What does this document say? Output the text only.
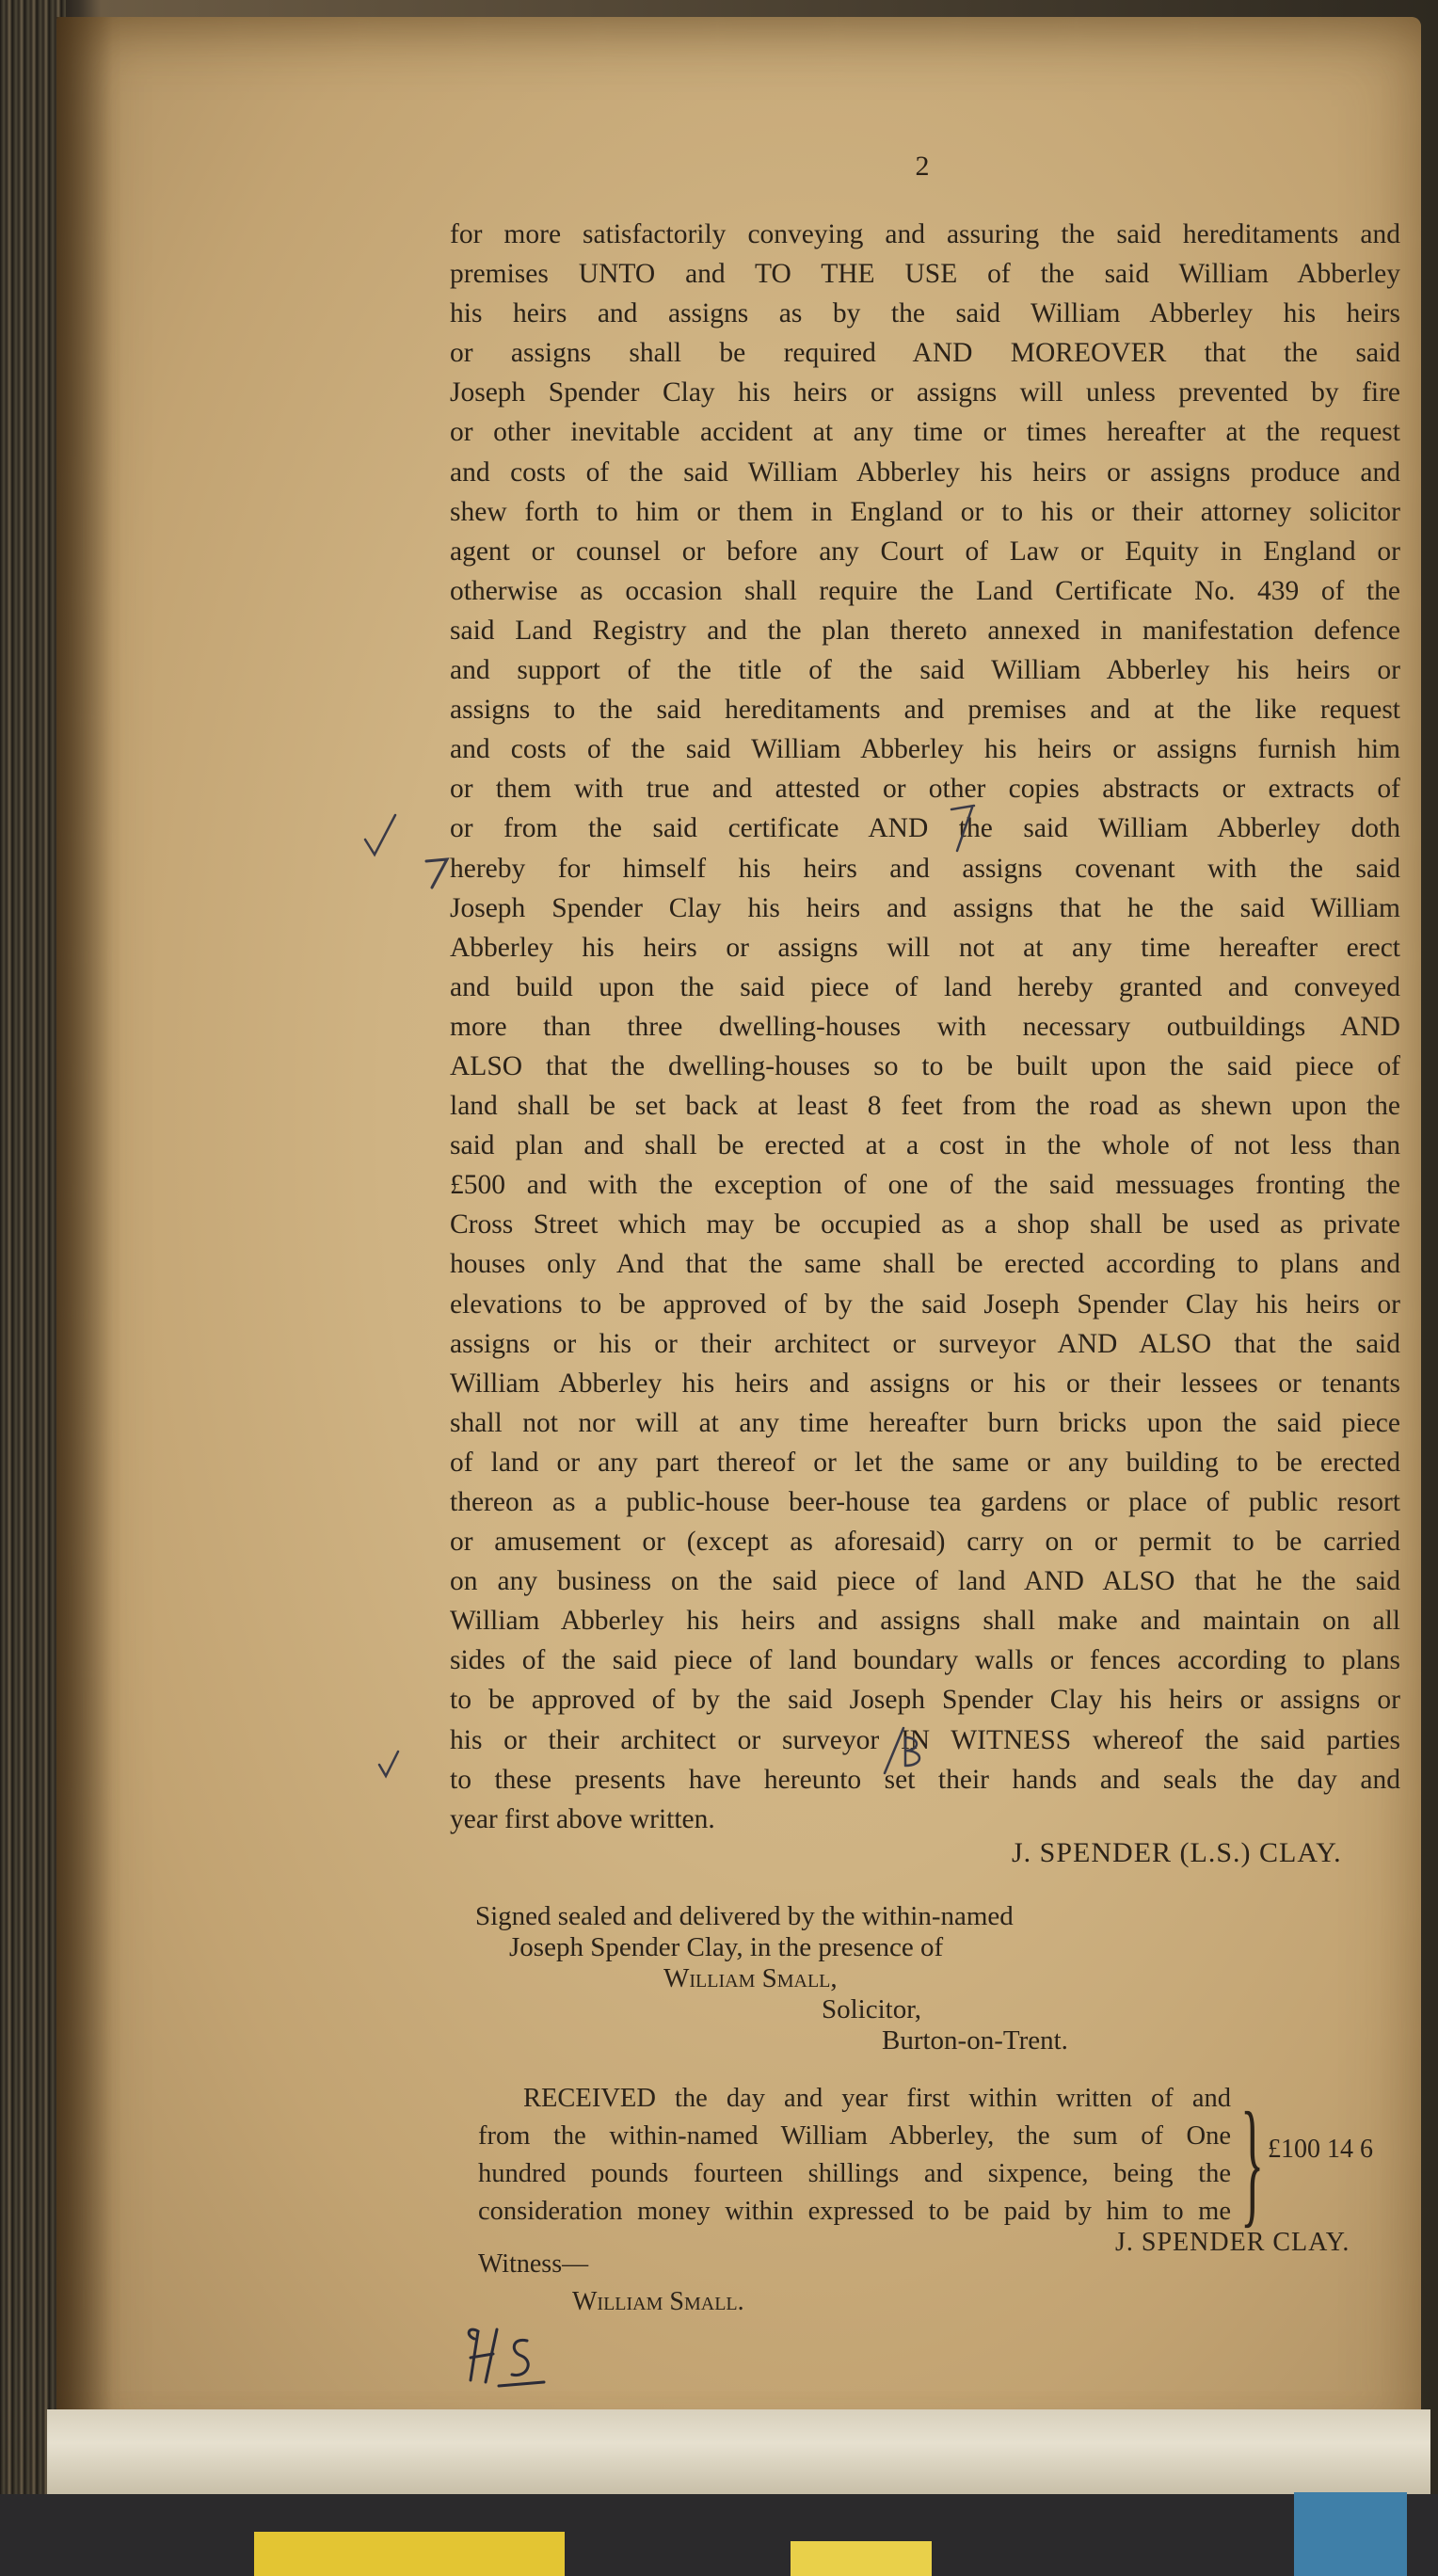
2
for more satisfactorily conveying and assuring the said hereditaments and
premises UNTO and TO THE USE of the said William Abberley
his heirs and assigns as by the said William Abberley his heirs
or assigns shall be required AND MOREOVER that the said
Joseph Spender Clay his heirs or assigns will unless prevented by fire
or other inevitable accident at any time or times hereafter at the request
and costs of the said William Abberley his heirs or assigns produce and
shew forth to him or them in England or to his or their attorney solicitor
agent or counsel or before any Court of Law or Equity in England or
otherwise as occasion shall require the Land Certificate No. 439 of the
said Land Registry and the plan thereto annexed in manifestation defence
and support of the title of the said William Abberley his heirs or
assigns to the said hereditaments and premises and at the like request
and costs of the said William Abberley his heirs or assigns furnish him
or them with true and attested or other copies abstracts or extracts of
or from the said certificate AND the said William Abberley doth
hereby for himself his heirs and assigns covenant with the said
Joseph Spender Clay his heirs and assigns that he the said William
Abberley his heirs or assigns will not at any time hereafter erect
and build upon the said piece of land hereby granted and conveyed
more than three dwelling-houses with necessary outbuildings AND
ALSO that the dwelling-houses so to be built upon the said piece of
land shall be set back at least 8 feet from the road as shewn upon the
said plan and shall be erected at a cost in the whole of not less than
£500 and with the exception of one of the said messuages fronting the
Cross Street which may be occupied as a shop shall be used as private
houses only And that the same shall be erected according to plans and
elevations to be approved of by the said Joseph Spender Clay his heirs or
assigns or his or their architect or surveyor AND ALSO that the said
William Abberley his heirs and assigns or his or their lessees or tenants
shall not nor will at any time hereafter burn bricks upon the said piece
of land or any part thereof or let the same or any building to be erected
thereon as a public-house beer-house tea gardens or place of public resort
or amusement or (except as aforesaid) carry on or permit to be carried
on any business on the said piece of land AND ALSO that he the said
William Abberley his heirs and assigns shall make and maintain on all
sides of the said piece of land boundary walls or fences according to plans
to be approved of by the said Joseph Spender Clay his heirs or assigns or
his or their architect or surveyor IN WITNESS whereof the said parties
to these presents have hereunto set their hands and seals the day and
year first above written.
J. SPENDER (L.S.) CLAY.
Signed sealed and delivered by the within-named
Joseph Spender Clay, in the presence of
William Small,
Solicitor,
Burton-on-Trent.
RECEIVED the day and year first within written of and
from the within-named William Abberley, the sum of One
hundred pounds fourteen shillings and sixpence, being the
consideration money within expressed to be paid by him to me } £100 14 6
J. SPENDER CLAY.
Witness—
William Small.
